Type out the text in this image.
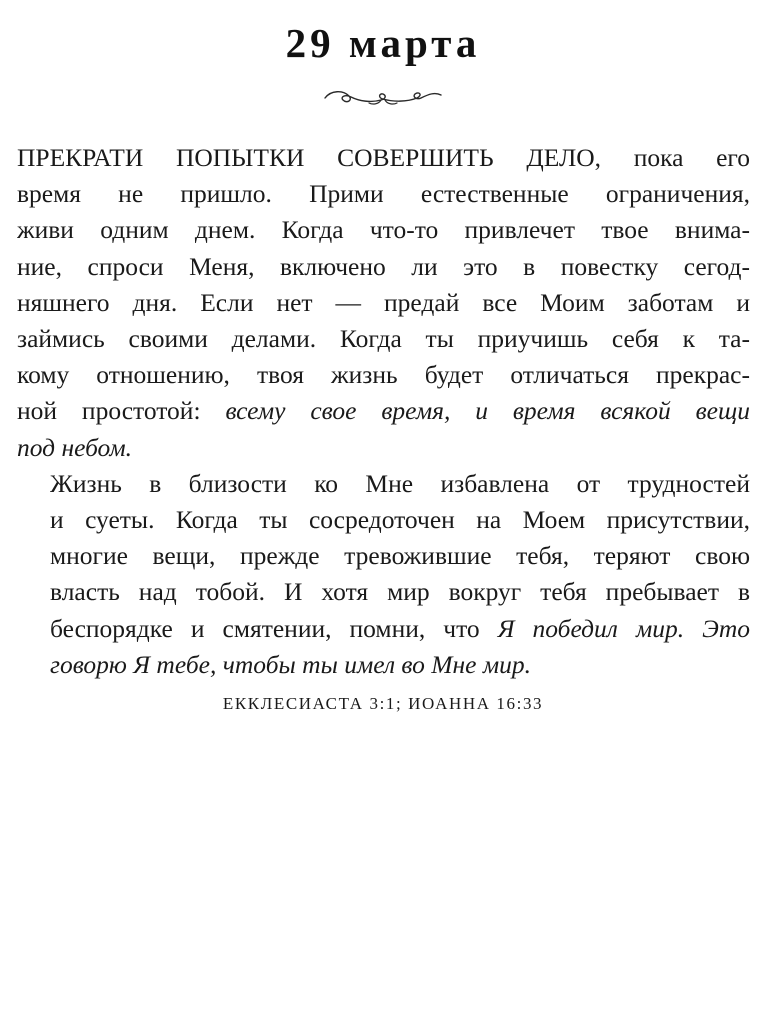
29 марта

ПРЕКРАТИ ПОПЫТКИ СОВЕРШИТЬ ДЕЛО, пока его
время не пришло. Прими естественные ограничения,
живи одним днем. Когда что-то привлечет твое внима-
ние, спроси Меня, включено ли это в повестку сегод-
няшнего дня. Если нет — предай все Моим заботам и
займись своими делами. Когда ты приучишь себя к та-
кому отношению, твоя жизнь будет отличаться прекрас-
ной простотой: всему свое время, и время всякой вещи
под небом.

Жизнь в близости ко Мне избавлена от трудностей
и суеты. Когда ты сосредоточен на Моем присутствии,
многие вещи, прежде тревожившие тебя, теряют свою
власть над тобой. И хотя мир вокруг тебя пребывает в
беспорядке и смятении, помни, что Я победил мир. Это
говорю Я тебе, чтобы ты имел во Мне мир.

ЕККЛЕСИАСТА 3:1; ИОАННА 16:33
